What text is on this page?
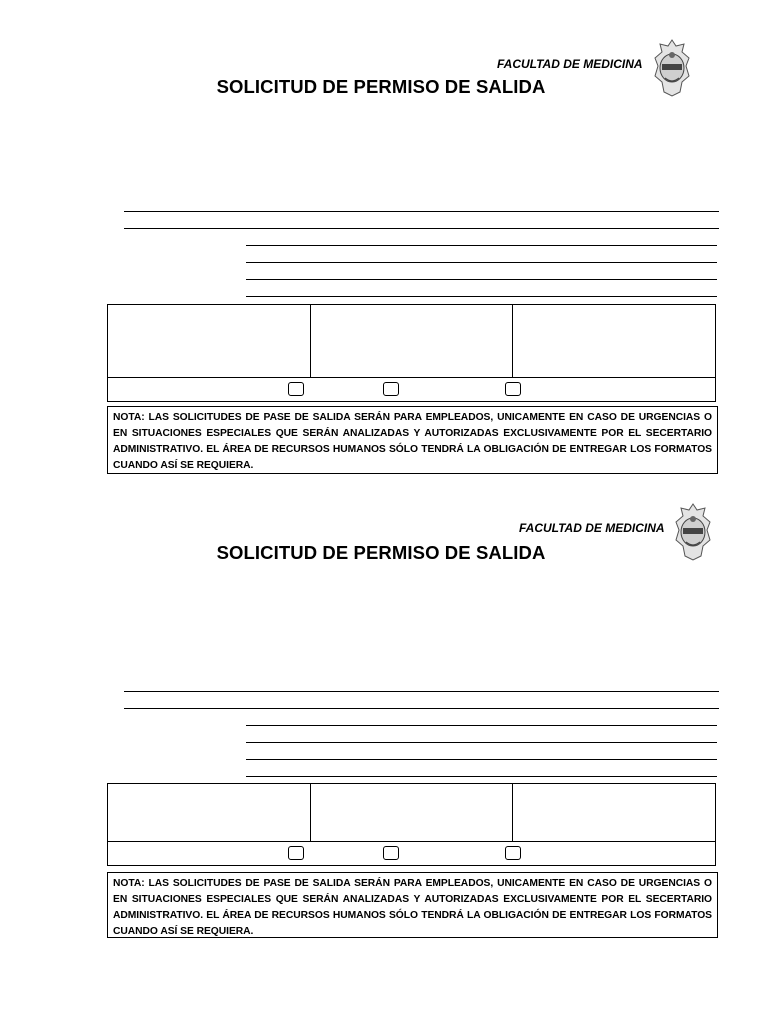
FACULTAD DE MEDICINA
SOLICITUD DE PERMISO DE SALIDA
NOTA: LAS SOLICITUDES DE PASE DE SALIDA SERÁN PARA EMPLEADOS, UNICAMENTE EN CASO DE URGENCIAS O EN SITUACIONES ESPECIALES QUE SERÁN ANALIZADAS Y AUTORIZADAS EXCLUSIVAMENTE POR EL SECERTARIO ADMINISTRATIVO. EL ÁREA DE RECURSOS HUMANOS SÓLO TENDRÁ LA OBLIGACIÓN DE ENTREGAR LOS FORMATOS CUANDO ASÍ SE REQUIERA.
FACULTAD DE MEDICINA
SOLICITUD DE PERMISO DE SALIDA
NOTA: LAS SOLICITUDES DE PASE DE SALIDA SERÁN PARA EMPLEADOS, UNICAMENTE EN CASO DE URGENCIAS O EN SITUACIONES ESPECIALES QUE SERÁN ANALIZADAS Y AUTORIZADAS EXCLUSIVAMENTE POR EL SECERTARIO ADMINISTRATIVO. EL ÁREA DE RECURSOS HUMANOS SÓLO TENDRÁ LA OBLIGACIÓN DE ENTREGAR LOS FORMATOS CUANDO ASÍ SE REQUIERA.
